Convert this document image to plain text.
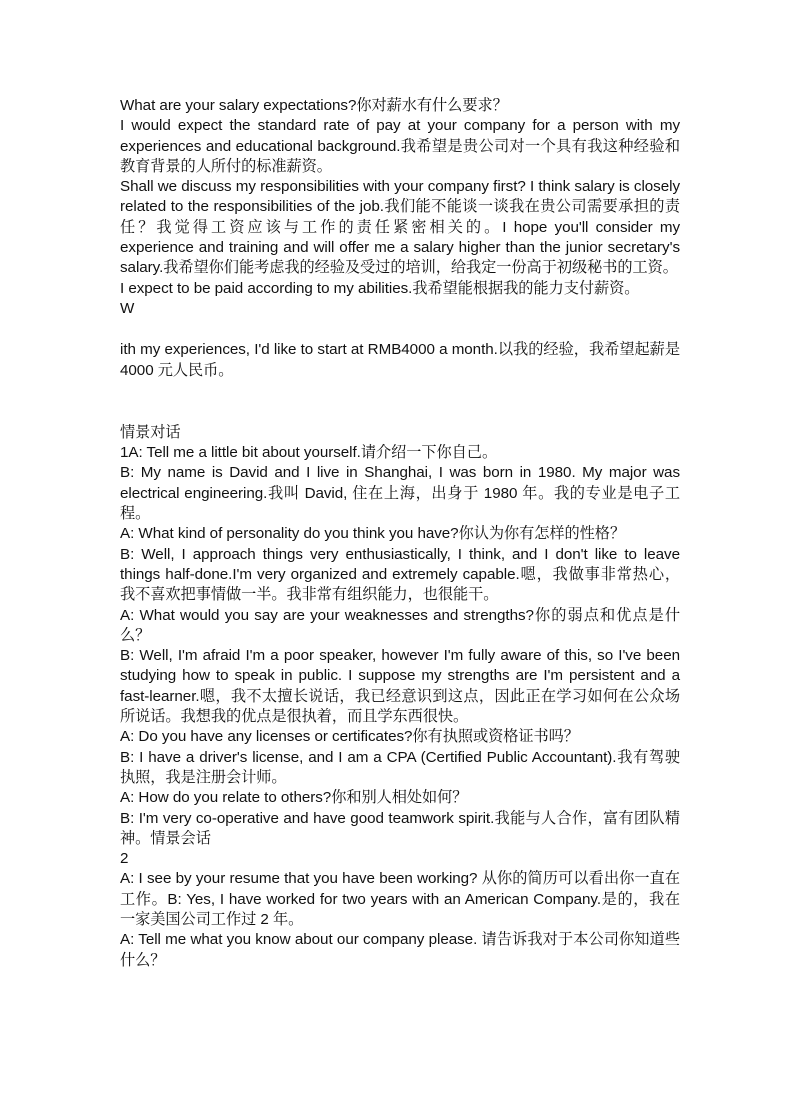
What are your salary expectations?你对薪水有什么要求？

I would expect the standard rate of pay at your company for a person with my experiences and educational background.我希望是贵公司对一个具有我这种经验和教育背景的人所付的标准薪资。

Shall we discuss my responsibilities with your company first? I think salary is closely related to the responsibilities of the job.我们能不能谈一谈我在贵公司需要承担的责任？我觉得工资应该与工作的责任紧密相关的。I hope you'll consider my experience and training and will offer me a salary higher than the junior secretary's salary.我希望你们能考虑我的经验及受过的培训，给我定一份高于初级秘书的工资。

I expect to be paid according to my abilities.我希望能根据我的能力支付薪资。

W

ith my experiences, I'd like to start at RMB4000 a month.以我的经验，我希望起薪是 4000 元人民币。

情景对话

1A: Tell me a little bit about yourself.请介绍一下你自己。

B: My name is David and I live in Shanghai, I was born in 1980. My major was electrical engineering.我叫 David, 住在上海，出身于 1980 年。我的专业是电子工程。

A: What kind of personality do you think you have?你认为你有怎样的性格？

B: Well, I approach things very enthusiastically, I think, and I don't like to leave things half-done.I'm very organized and extremely capable.嗯，我做事非常热心，我不喜欢把事情做一半。我非常有组织能力，也很能干。

A: What would you say are your weaknesses and strengths?你的弱点和优点是什么？

B: Well, I'm afraid I'm a poor speaker, however I'm fully aware of this, so I've been studying how to speak in public. I suppose my strengths are I'm persistent and a fast-learner.嗯，我不太擅长说话，我已经意识到这点，因此正在学习如何在公众场所说话。我想我的优点是很执着，而且学东西很快。

A: Do you have any licenses or certificates?你有执照或资格证书吗？

B: I have a driver's license, and I am a CPA (Certified Public Accountant).我有驾驶执照，我是注册会计师。

A: How do you relate to others?你和别人相处如何？

B: I'm very co-operative and have good teamwork spirit.我能与人合作，富有团队精神。情景会话

2

A: I see by your resume that you have been working? 从你的简历可以看出你一直在工作。B: Yes, I have worked for two years with an American Company.是的，我在一家美国公司工作过 2 年。

A: Tell me what you know about our company please. 请告诉我对于本公司你知道些什么？
